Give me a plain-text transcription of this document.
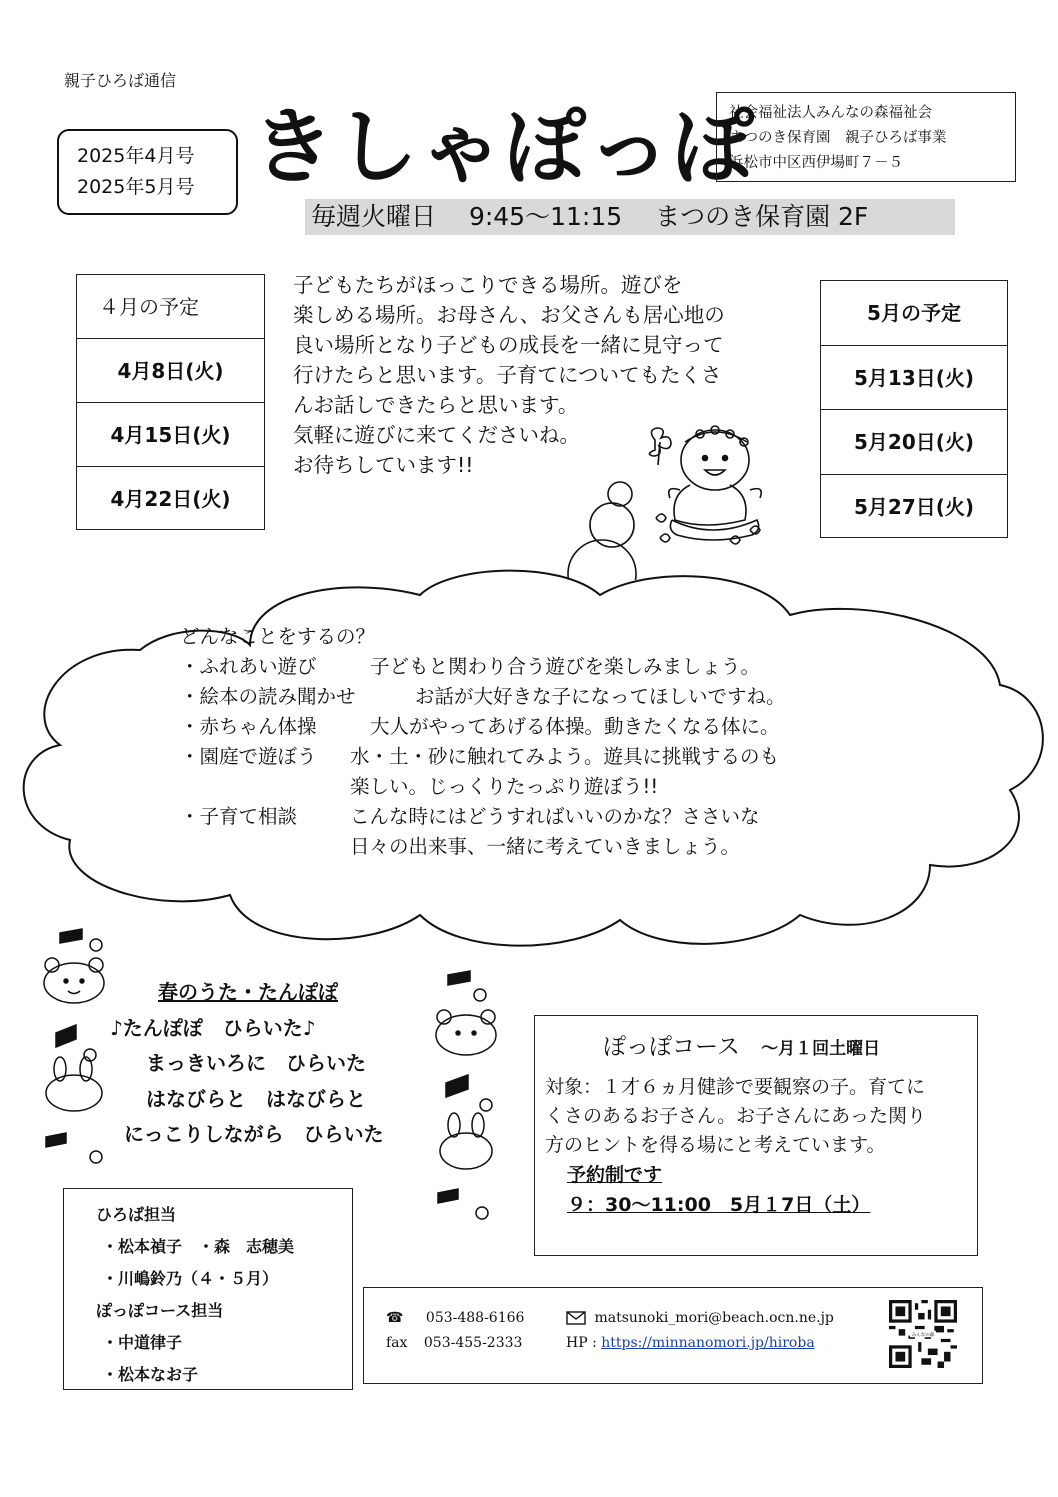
親子ひろば通信
2025年4月号
2025年5月号 きしゃぽっぽ
社会福祉法人みんなの森福祉会
まつのき保育園　親子ひろば事業
浜松市中区西伊場町７－５
毎週火曜日　 9:45～11:15　 まつのき保育園 2F
４月の予定
4月8日(火)
4月15日(火)
4月22日(火)
子どもたちがほっこりできる場所。遊びを
楽しめる場所。お母さん、お父さんも居心地の
良い場所となり子どもの成長を一緒に見守って
行けたらと思います。子育てについてもたくさ
んお話しできたらと思います。
気軽に遊びに来てくださいね。
お待ちしています!!
5月の予定
5月13日(火)
5月20日(火)
5月27日(火)
どんなことをするの？
・ふれあい遊び	子どもと関わり合う遊びを楽しみましょう。
・絵本の読み聞かせ	お話が大好きな子になってほしいですね。
・赤ちゃん体操	大人がやってあげる体操。動きたくなる体に。
・園庭で遊ぼう	水・土・砂に触れてみよう。遊具に挑戦するのも
楽しい。じっくりたっぷり遊ぼう!!
・子育て相談	こんな時にはどうすればいいのかな？ささいな
日々の出来事、一緒に考えていきましょう。
春のうた・たんぽぽ
♪たんぽぽ　ひらいた♪
まっきいろに　ひらいた
はなびらと　はなびらと
にっこりしながら　ひらいた
ぽっぽコース ～月１回土曜日
対象：１才６ヵ月健診で要観察の子。育てに
くさのあるお子さん。お子さんにあった関り
方のヒントを得る場にと考えています。
予約制です
９：30～11:00　5月１7日（土）
ひろば担当
・松本禎子　・森　志穂美
・川嶋鈴乃（４・５月）
ぽっぽコース担当
・中道律子
・松本なお子
☎ 053-488-6166
fax 053-455-2333
matsunoki_mori@beach.ocn.ne.jp
HP : https://minnanomori.jp/hiroba	みんなの森
